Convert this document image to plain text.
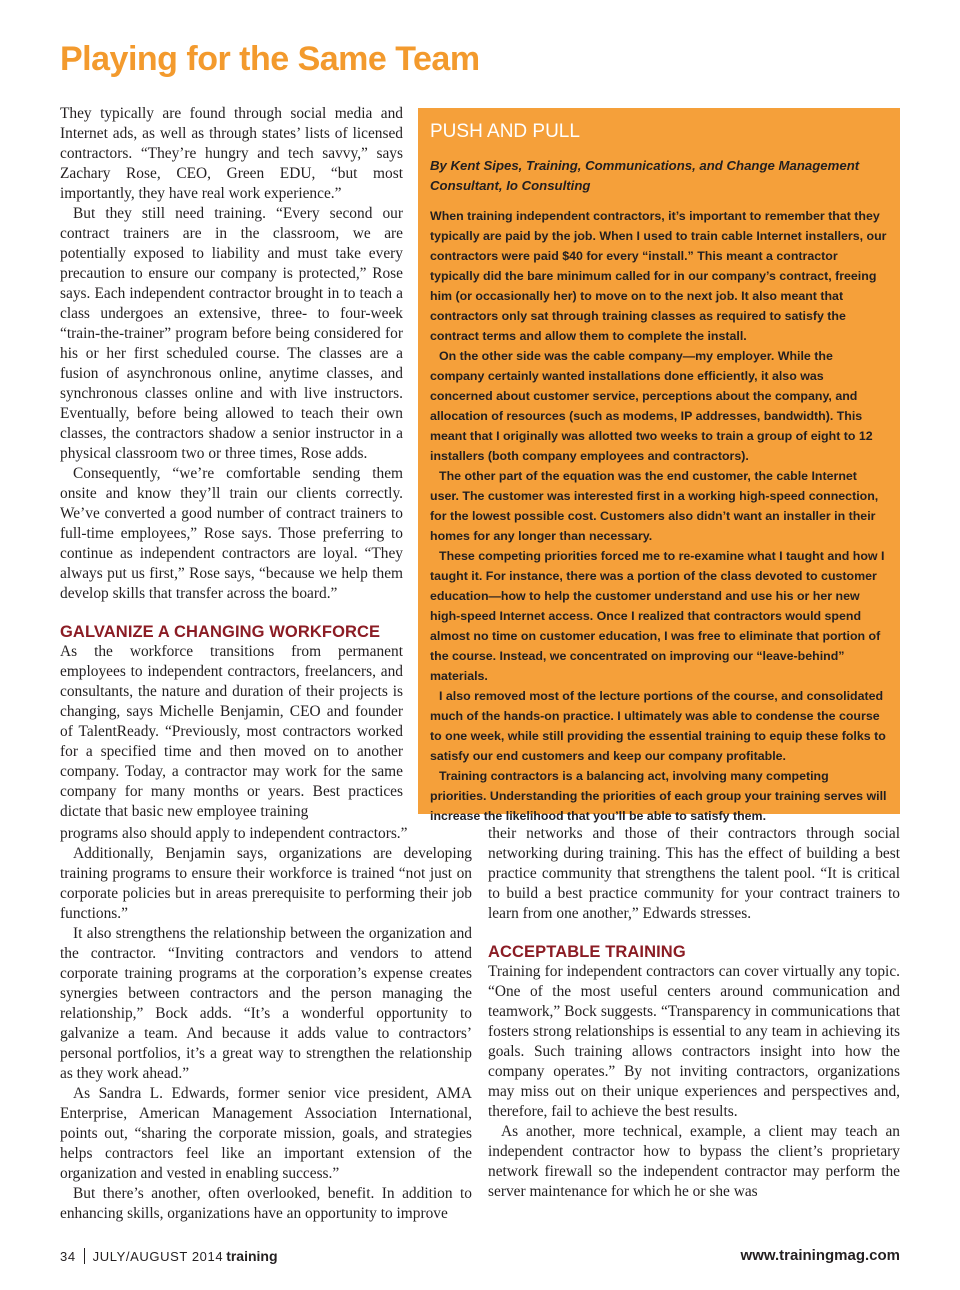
Playing for the Same Team

They typically are found through social media and Internet ads, as well as through states’ lists of licensed contractors. “They’re hungry and tech savvy,” says Zachary Rose, CEO, Green EDU, “but most importantly, they have real work experience.”

But they still need training. “Every second our contract trainers are in the classroom, we are potentially exposed to liability and must take every precaution to ensure our company is protected,” Rose says. Each independent contractor brought in to teach a class undergoes an extensive, three- to four-week “train-the-trainer” program before being considered for his or her first scheduled course. The classes are a fusion of asynchronous online, anytime classes, and synchronous classes online and with live instructors. Eventually, before being allowed to teach their own classes, the contractors shadow a senior instructor in a physical classroom two or three times, Rose adds.

Consequently, “we’re comfortable sending them onsite and know they’ll train our clients correctly. We’ve converted a good number of contract trainers to full-time employees,” Rose says. Those preferring to continue as independent contractors are loyal. “They always put us first,” Rose says, “because we help them develop skills that transfer across the board.”

GALVANIZE A CHANGING WORKFORCE

As the workforce transitions from permanent employees to independent contractors, freelancers, and consultants, the nature and duration of their projects is changing, says Michelle Benjamin, CEO and founder of TalentReady. “Previously, most contractors worked for a specified time and then moved on to another company. Today, a contractor may work for the same company for many months or years. Best practices dictate that basic new employee training

PUSH AND PULL
By Kent Sipes, Training, Communications, and Change Management Consultant, Io Consulting

When training independent contractors, it’s important to remember that they typically are paid by the job. When I used to train cable Internet installers, our contractors were paid $40 for every “install.” This meant a contractor typically did the bare minimum called for in our company’s contract, freeing him (or occasionally her) to move on to the next job. It also meant that contractors only sat through training classes as required to satisfy the contract terms and allow them to complete the install.

On the other side was the cable company—my employer. While the company certainly wanted installations done efficiently, it also was concerned about customer service, perceptions about the company, and allocation of resources (such as modems, IP addresses, bandwidth). This meant that I originally was allotted two weeks to train a group of eight to 12 installers (both company employees and contractors).

The other part of the equation was the end customer, the cable Internet user. The customer was interested first in a working high-speed connection, for the lowest possible cost. Customers also didn’t want an installer in their homes for any longer than necessary.

These competing priorities forced me to re-examine what I taught and how I taught it. For instance, there was a portion of the class devoted to customer education—how to help the customer understand and use his or her new high-speed Internet access. Once I realized that contractors would spend almost no time on customer education, I was free to eliminate that portion of the course. Instead, we concentrated on improving our “leave-behind” materials.

I also removed most of the lecture portions of the course, and consolidated much of the hands-on practice. I ultimately was able to condense the course to one week, while still providing the essential training to equip these folks to satisfy our end customers and keep our company profitable.

Training contractors is a balancing act, involving many competing priorities. Understanding the priorities of each group your training serves will increase the likelihood that you’ll be able to satisfy them.

programs also should apply to independent contractors.”

Additionally, Benjamin says, organizations are developing training programs to ensure their workforce is trained “not just on corporate policies but in areas prerequisite to performing their job functions.”

It also strengthens the relationship between the organization and the contractor. “Inviting contractors and vendors to attend corporate training programs at the corporation’s expense creates synergies between contractors and the person managing the relationship,” Bock adds. “It’s a wonderful opportunity to galvanize a team. And because it adds value to contractors’ personal portfolios, it’s a great way to strengthen the relationship as they work ahead.”

As Sandra L. Edwards, former senior vice president, AMA Enterprise, American Management Association International, points out, “sharing the corporate mission, goals, and strategies helps contractors feel like an important extension of the organization and vested in enabling success.”

But there’s another, often overlooked, benefit. In addition to enhancing skills, organizations have an opportunity to improve

their networks and those of their contractors through social networking during training. This has the effect of building a best practice community that strengthens the talent pool. “It is critical to build a best practice community for your contract trainers to learn from one another,” Edwards stresses.

ACCEPTABLE TRAINING

Training for independent contractors can cover virtually any topic. “One of the most useful centers around communication and teamwork,” Bock suggests. “Transparency in communications that fosters strong relationships is essential to any team in achieving its goals. Such training allows contractors insight into how the company operates.” By not inviting contractors, organizations may miss out on their unique experiences and perspectives and, therefore, fail to achieve the best results.

As another, more technical, example, a client may teach an independent contractor how to bypass the client’s proprietary network firewall so the independent contractor may perform the server maintenance for which he or she was

34 JULY/AUGUST 2014 training	www.trainingmag.com
